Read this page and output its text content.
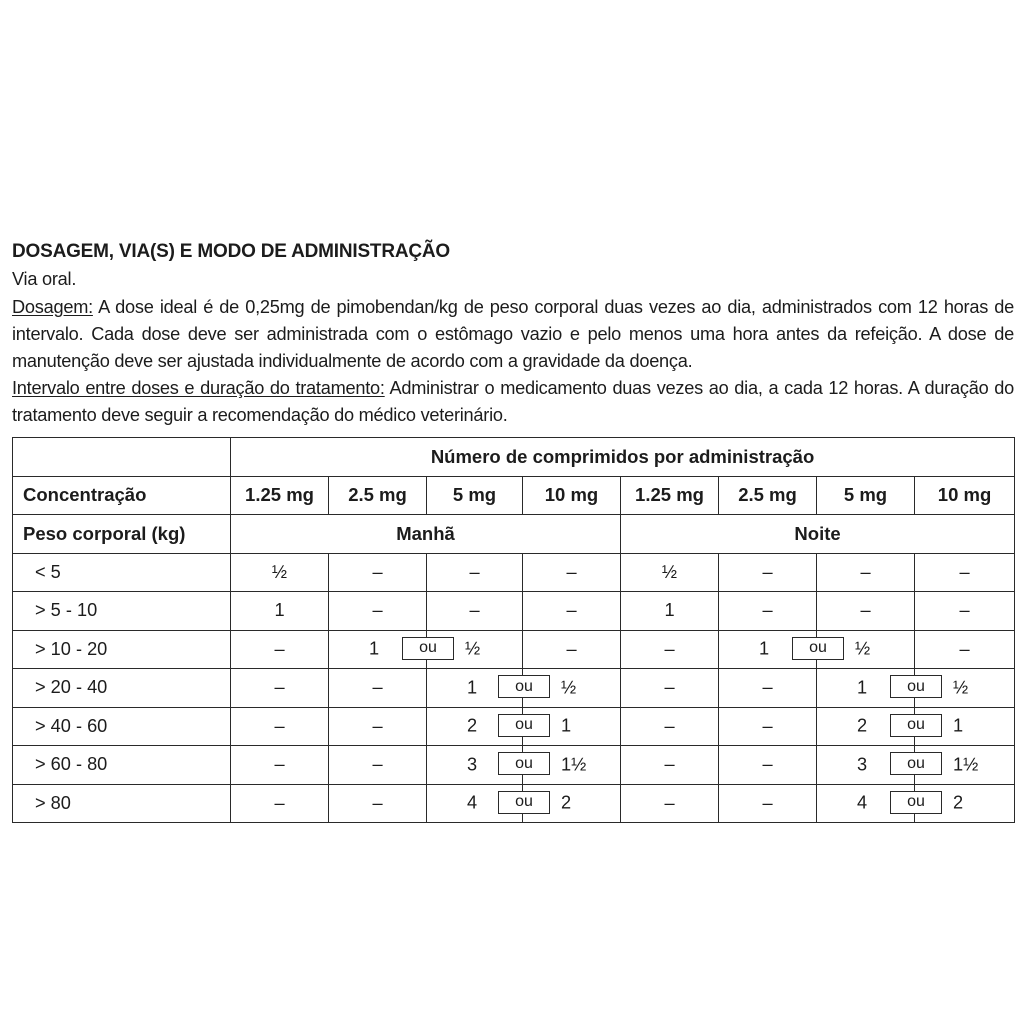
DOSAGEM, VIA(S) E MODO DE ADMINISTRAÇÃO
Via oral.
Dosagem: A dose ideal é de 0,25mg de pimobendan/kg de peso corporal duas vezes ao dia, administrados com 12 horas de intervalo. Cada dose deve ser administrada com o estômago vazio e pelo menos uma hora antes da refeição. A dose de manutenção deve ser ajustada individualmente de acordo com a gravidade da doença.
Intervalo entre doses e duração do tratamento: Administrar o medicamento duas vezes ao dia, a cada 12 horas. A duração do tratamento deve seguir a recomendação do médico veterinário.
	Número de comprimidos por administração							
Concentração	1.25 mg	2.5 mg	5 mg	10 mg	1.25 mg	2.5 mg	5 mg	10 mg
Peso corporal (kg)	Manhã				Noite			
< 5	½	–	–	–	½	–	–	–
> 5 - 10	1	–	–	–	1	–	–	–
> 10 - 20	–	1 ou	½	–	–	1 ou	½	–
> 20 - 40	–	–	1 ou	½	–	–	1 ou	½

> 40 - 60	–	–	2 ou	1	–	–	2 ou	1

> 60 - 80	–	–	3 ou	1½	–	–	3 ou	1½

> 80	–	–	4 ou	2	–	–	4 ou	2
